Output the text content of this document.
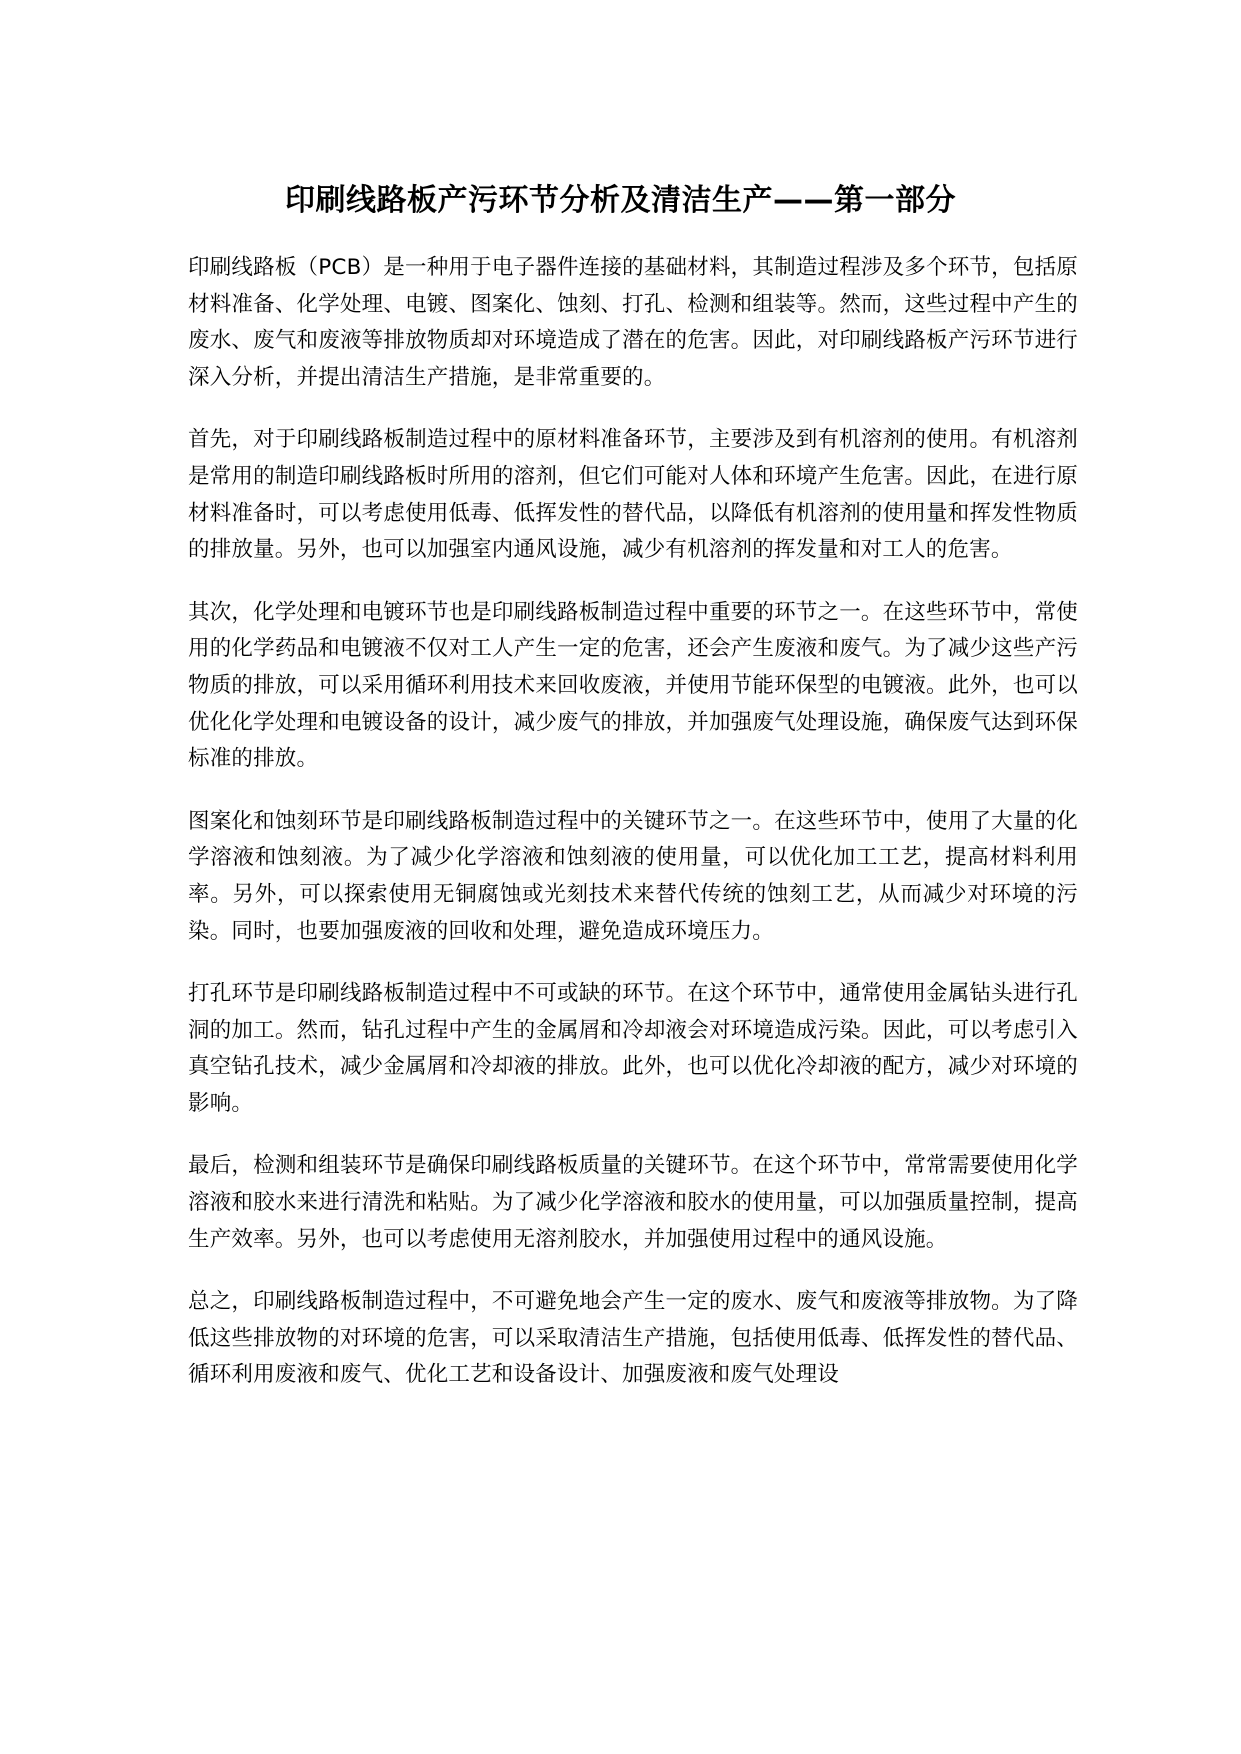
印刷线路板产污环节分析及清洁生产——第一部分

印刷线路板（PCB）是一种用于电子器件连接的基础材料，其制造过程涉及多个环节，包括原材料准备、化学处理、电镀、图案化、蚀刻、打孔、检测和组装等。然而，这些过程中产生的废水、废气和废液等排放物质却对环境造成了潜在的危害。因此，对印刷线路板产污环节进行深入分析，并提出清洁生产措施，是非常重要的。

首先，对于印刷线路板制造过程中的原材料准备环节，主要涉及到有机溶剂的使用。有机溶剂是常用的制造印刷线路板时所用的溶剂，但它们可能对人体和环境产生危害。因此，在进行原材料准备时，可以考虑使用低毒、低挥发性的替代品，以降低有机溶剂的使用量和挥发性物质的排放量。另外，也可以加强室内通风设施，减少有机溶剂的挥发量和对工人的危害。

其次，化学处理和电镀环节也是印刷线路板制造过程中重要的环节之一。在这些环节中，常使用的化学药品和电镀液不仅对工人产生一定的危害，还会产生废液和废气。为了减少这些产污物质的排放，可以采用循环利用技术来回收废液，并使用节能环保型的电镀液。此外，也可以优化化学处理和电镀设备的设计，减少废气的排放，并加强废气处理设施，确保废气达到环保标准的排放。

图案化和蚀刻环节是印刷线路板制造过程中的关键环节之一。在这些环节中，使用了大量的化学溶液和蚀刻液。为了减少化学溶液和蚀刻液的使用量，可以优化加工工艺，提高材料利用率。另外，可以探索使用无铜腐蚀或光刻技术来替代传统的蚀刻工艺，从而减少对环境的污染。同时，也要加强废液的回收和处理，避免造成环境压力。

打孔环节是印刷线路板制造过程中不可或缺的环节。在这个环节中，通常使用金属钻头进行孔洞的加工。然而，钻孔过程中产生的金属屑和冷却液会对环境造成污染。因此，可以考虑引入真空钻孔技术，减少金属屑和冷却液的排放。此外，也可以优化冷却液的配方，减少对环境的影响。

最后，检测和组装环节是确保印刷线路板质量的关键环节。在这个环节中，常常需要使用化学溶液和胶水来进行清洗和粘贴。为了减少化学溶液和胶水的使用量，可以加强质量控制，提高生产效率。另外，也可以考虑使用无溶剂胶水，并加强使用过程中的通风设施。

总之，印刷线路板制造过程中，不可避免地会产生一定的废水、废气和废液等排放物。为了降低这些排放物的对环境的危害，可以采取清洁生产措施，包括使用低毒、低挥发性的替代品、循环利用废液和废气、优化工艺和设备设计、加强废液和废气处理设
